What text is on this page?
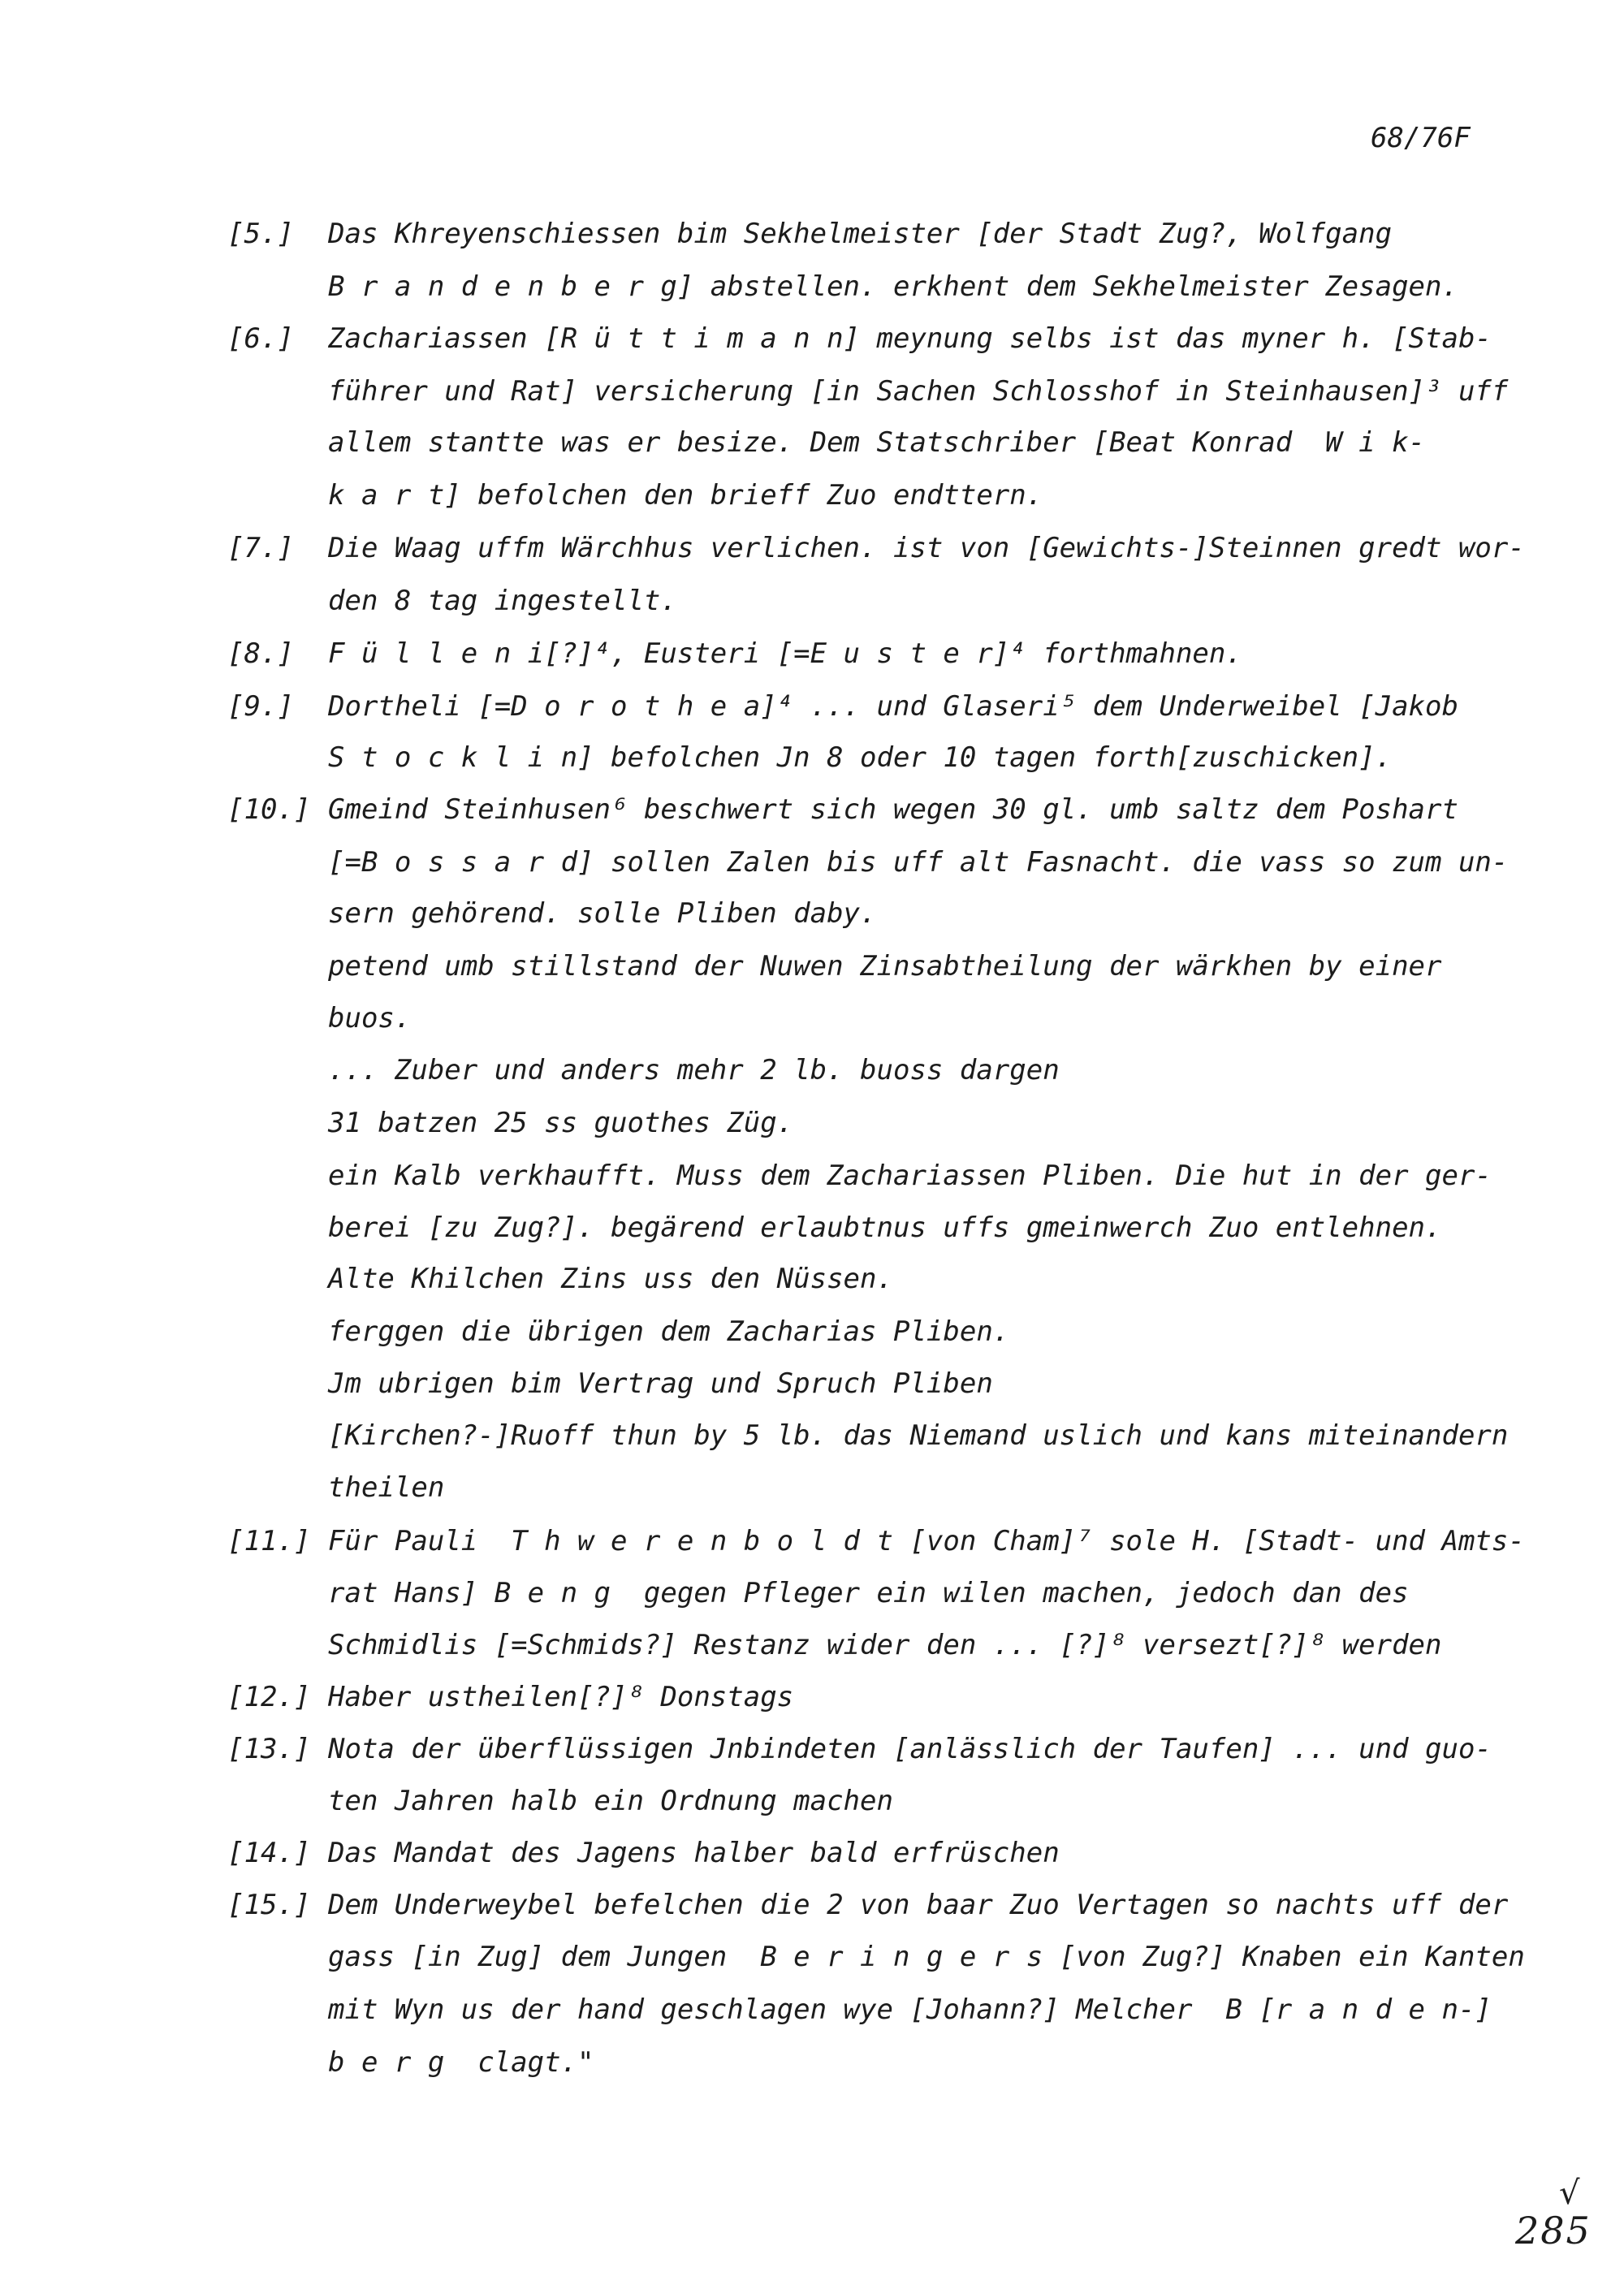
68/76F
[5.] Das Khreyenschiessen bim Sekhelmeister [der Stadt Zug?, Wolfgang
B r a n d e n b e r g] abstellen. erkhent dem Sekhelmeister Zesagen.
[6.] Zachariassen [R ü t t i m a n n] meynung selbs ist das myner h. [Stab-
führer und Rat] versicherung [in Sachen Schlosshof in Steinhausen]³ uff
allem stantte was er besize. Dem Statschriber [Beat Konrad  W i k-
k a r t] befolchen den brieff Zuo endttern.
[7.] Die Waag uffm Wärchhus verlichen. ist von [Gewichts-]Steinnen gredt wor-
den 8 tag ingestellt.
[8.] F ü l l e n i[?]⁴, Eusteri [=E u s t e r]⁴ forthmahnen.
[9.] Dortheli [=D o r o t h e a]⁴ ... und Glaseri⁵ dem Underweibel [Jakob
S t o c k l i n] befolchen Jn 8 oder 10 tagen forth[zuschicken].
[10.] Gmeind Steinhusen⁶ beschwert sich wegen 30 gl. umb saltz dem Poshart
[=B o s s a r d] sollen Zalen bis uff alt Fasnacht. die vass so zum un-
sern gehörend. solle Pliben daby.
petend umb stillstand der Nuwen Zinsabtheilung der wärkhen by einer
buos.
... Zuber und anders mehr 2 lb. buoss dargen
31 batzen 25 ss guothes Züg.
ein Kalb verkhaufft. Muss dem Zachariassen Pliben. Die hut in der ger-
berei [zu Zug?]. begärend erlaubtnus uffs gmeinwerch Zuo entlehnen.
Alte Khilchen Zins uss den Nüssen.
ferggen die übrigen dem Zacharias Pliben.
Jm ubrigen bim Vertrag und Spruch Pliben
[Kirchen?-]Ruoff thun by 5 lb. das Niemand uslich und kans miteinandern
theilen
[11.] Für Pauli  T h w e r e n b o l d t [von Cham]⁷ sole H. [Stadt- und Amts-
rat Hans] B e n g  gegen Pfleger ein wilen machen, jedoch dan des
Schmidlis [=Schmids?] Restanz wider den ... [?]⁸ versezt[?]⁸ werden
[12.] Haber ustheilen[?]⁸ Donstags
[13.] Nota der überflüssigen Jnbindeten [anlässlich der Taufen] ... und guo-
ten Jahren halb ein Ordnung machen
[14.] Das Mandat des Jagens halber bald erfrüschen
[15.] Dem Underweybel befelchen die 2 von baar Zuo Vertagen so nachts uff der
gass [in Zug] dem Jungen  B e r i n g e r s [von Zug?] Knaben ein Kanten
mit Wyn us der hand geschlagen wye [Johann?] Melcher  B [r a n d e n-]
b e r g  clagt."
√
285
